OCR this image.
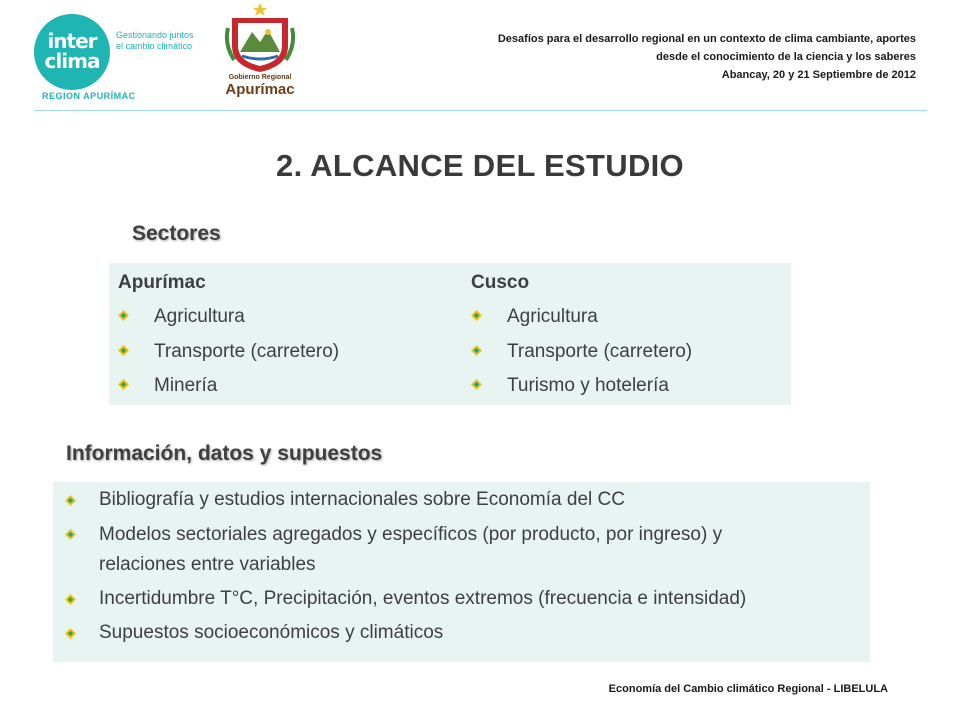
inter
clima
Gestionando juntos
el cambio climático
REGION APURÍMAC
Gobierno Regional
Apurímac
Desafíos para el desarrollo regional en un contexto de clima cambiante, aportes
desde el conocimiento de la ciencia y los saberes
Abancay, 20 y 21 Septiembre de 2012
2. ALCANCE DEL ESTUDIO
Sectores
Apurímac
Agricultura
Transporte (carretero)
Minería
Cusco
Agricultura
Transporte (carretero)
Turismo y hotelería
Información, datos y supuestos
Bibliografía y estudios internacionales sobre Economía del CC
Modelos sectoriales agregados y específicos (por producto, por ingreso) y
relaciones entre variables
Incertidumbre T°C, Precipitación, eventos extremos (frecuencia e intensidad)
Supuestos socioeconómicos y climáticos
Economía del Cambio climático Regional - LIBELULA
